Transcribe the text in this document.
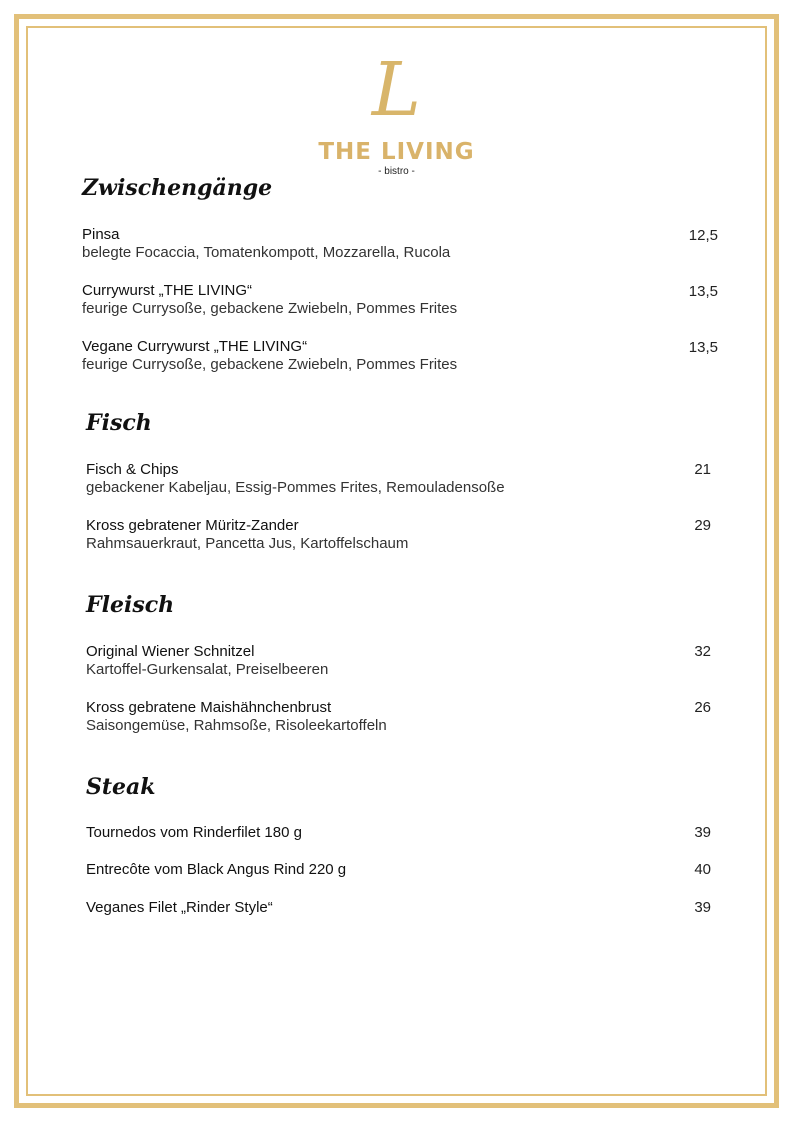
L
THE LIVING
- bistro -
Zwischengänge
Pinsa
belegte Focaccia, Tomatenkompott, Mozzarella, Rucola
12,5
Currywurst „THE LIVING“
feurige Currysoße, gebackene Zwiebeln, Pommes Frites
13,5
Vegane Currywurst „THE LIVING“
feurige Currysoße, gebackene Zwiebeln, Pommes Frites
13,5
Fisch
Fisch & Chips
gebackener Kabeljau, Essig-Pommes Frites, Remouladensoße
21
Kross gebratener Müritz-Zander
Rahmsauerkraut, Pancetta Jus, Kartoffelschaum
29
Fleisch
Original Wiener Schnitzel
Kartoffel-Gurkensalat, Preiselbeeren
32
Kross gebratene Maishähnchenbrust
Saisongemüse, Rahmsoße, Risoleekartoffeln
26
Steak
Tournedos vom Rinderfilet 180 g	39
Entrecôte vom Black Angus Rind 220 g	40
Veganes Filet „Rinder Style“	39
